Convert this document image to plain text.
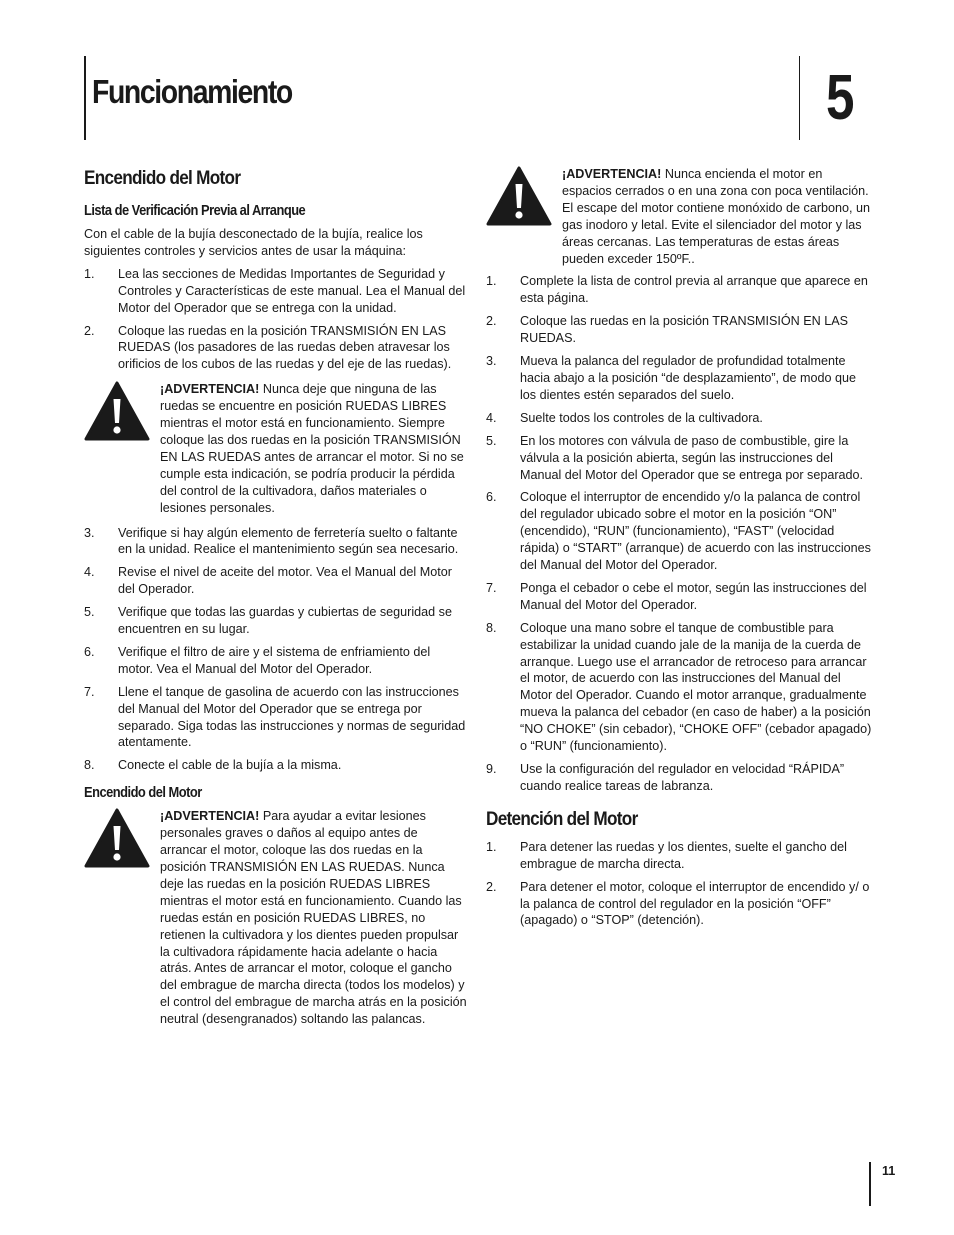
Funcionamiento	5
Encendido del Motor
Lista de Verificación Previa al Arranque

Con el cable de la bujía desconectado de la bujía, realice los siguientes controles y servicios antes de usar la máquina:

1. Lea las secciones de Medidas Importantes de Seguridad y Controles y Características de este manual. Lea el Manual del Motor del Operador que se entrega con la unidad.
2. Coloque las ruedas en la posición TRANSMISIÓN EN LAS RUEDAS (los pasadores de las ruedas deben atravesar los orificios de los cubos de las ruedas y del eje de las ruedas).
¡ADVERTENCIA! Nunca deje que ninguna de las ruedas se encuentre en posición RUEDAS LIBRES mientras el motor está en funcionamiento. Siempre coloque las dos ruedas en la posición TRANSMISIÓN EN LAS RUEDAS antes de arrancar el motor. Si no se cumple esta indicación, se podría producir la pérdida del control de la cultivadora, daños materiales o lesiones personales.
3. Verifique si hay algún elemento de ferretería suelto o faltante en la unidad. Realice el mantenimiento según sea necesario.
4. Revise el nivel de aceite del motor. Vea el Manual del Motor del Operador.
5. Verifique que todas las guardas y cubiertas de seguridad se encuentren en su lugar.
6. Verifique el filtro de aire y el sistema de enfriamiento del motor. Vea el Manual del Motor del Operador.
7. Llene el tanque de gasolina de acuerdo con las instrucciones del Manual del Motor del Operador que se entrega por separado. Siga todas las instrucciones y normas de seguridad atentamente.
8. Conecte el cable de la bujía a la misma.
Encendido del Motor
¡ADVERTENCIA! Para ayudar a evitar lesiones personales graves o daños al equipo antes de arrancar el motor, coloque las dos ruedas en la posición TRANSMISIÓN EN LAS RUEDAS. Nunca deje las ruedas en la posición RUEDAS LIBRES mientras el motor está en funcionamiento. Cuando las ruedas están en posición RUEDAS LIBRES, no retienen la cultivadora y los dientes pueden propulsar la cultivadora rápidamente hacia adelante o hacia atrás. Antes de arrancar el motor, coloque el gancho del embrague de marcha directa (todos los modelos) y el control del embrague de marcha atrás en la posición neutral (desengranados) soltando las palancas.
¡ADVERTENCIA! Nunca encienda el motor en espacios cerrados o en una zona con poca ventilación. El escape del motor contiene monóxido de carbono, un gas inodoro y letal. Evite el silenciador del motor y las áreas cercanas. Las temperaturas de estas áreas pueden exceder 150ºF..
1. Complete la lista de control previa al arranque que aparece en esta página.
2. Coloque las ruedas en la posición TRANSMISIÓN EN LAS RUEDAS.
3. Mueva la palanca del regulador de profundidad totalmente hacia abajo a la posición “de desplazamiento”, de modo que los dientes estén separados del suelo.
4. Suelte todos los controles de la cultivadora.
5. En los motores con válvula de paso de combustible, gire la válvula a la posición abierta, según las instrucciones del Manual del Motor del Operador que se entrega por separado.
6. Coloque el interruptor de encendido y/o la palanca de control del regulador ubicado sobre el motor en la posición “ON” (encendido), “RUN” (funcionamiento), “FAST” (velocidad rápida) o “START” (arranque) de acuerdo con las instrucciones del Manual del Motor del Operador.
7. Ponga el cebador o cebe el motor, según las instrucciones del Manual del Motor del Operador.
8. Coloque una mano sobre el tanque de combustible para estabilizar la unidad cuando jale de la manija de la cuerda de arranque. Luego use el arrancador de retroceso para arrancar el motor, de acuerdo con las instrucciones del Manual del Motor del Operador. Cuando el motor arranque, gradualmente mueva la palanca del cebador (en caso de haber) a la posición “NO CHOKE” (sin cebador), “CHOKE OFF” (cebador apagado) o “RUN” (funcionamiento).
9. Use la configuración del regulador en velocidad “RÁPIDA” cuando realice tareas de labranza.
Detención del Motor
1. Para detener las ruedas y los dientes, suelte el gancho del embrague de marcha directa.
2. Para detener el motor, coloque el interruptor de encendido y/ o la palanca de control del regulador en la posición “OFF” (apagado) o “STOP” (detención).
11
